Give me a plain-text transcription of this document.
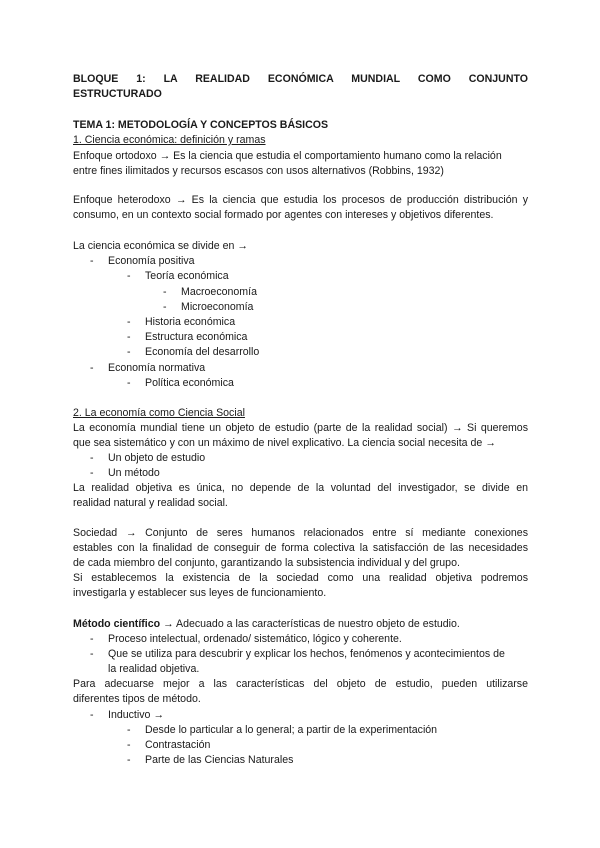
BLOQUE 1: LA REALIDAD ECONÓMICA MUNDIAL COMO CONJUNTO
ESTRUCTURADO
TEMA 1: METODOLOGÍA Y CONCEPTOS BÁSICOS
1. Ciencia económica: definición y ramas
Enfoque ortodoxo → Es la ciencia que estudia el comportamiento humano como la relación
entre fines ilimitados y recursos escasos con usos alternativos (Robbins, 1932)
Enfoque heterodoxo → Es la ciencia que estudia los procesos de producción distribución y
consumo, en un contexto social formado por agentes con intereses y objetivos diferentes.
La ciencia económica se divide en →
- Economía positiva
- Teoría económica
- Macroeconomía
- Microeconomía
- Historia económica
- Estructura económica
- Economía del desarrollo
- Economía normativa
- Política económica
2. La economía como Ciencia Social
La economía mundial tiene un objeto de estudio (parte de la realidad social) → Si queremos
que sea sistemático y con un máximo de nivel explicativo. La ciencia social necesita de →
- Un objeto de estudio
- Un método
La realidad objetiva es única, no depende de la voluntad del investigador, se divide en
realidad natural y realidad social.
Sociedad → Conjunto de seres humanos relacionados entre sí mediante conexiones
estables con la finalidad de conseguir de forma colectiva la satisfacción de las necesidades
de cada miembro del conjunto, garantizando la subsistencia individual y del grupo.
Si establecemos la existencia de la sociedad como una realidad objetiva podremos
investigarla y establecer sus leyes de funcionamiento.
Método científico → Adecuado a las características de nuestro objeto de estudio.
- Proceso intelectual, ordenado/ sistemático, lógico y coherente.
- Que se utiliza para descubrir y explicar los hechos, fenómenos y acontecimientos de
la realidad objetiva.
Para adecuarse mejor a las características del objeto de estudio, pueden utilizarse
diferentes tipos de método.
- Inductivo →
- Desde lo particular a lo general; a partir de la experimentación
- Contrastación
- Parte de las Ciencias Naturales
